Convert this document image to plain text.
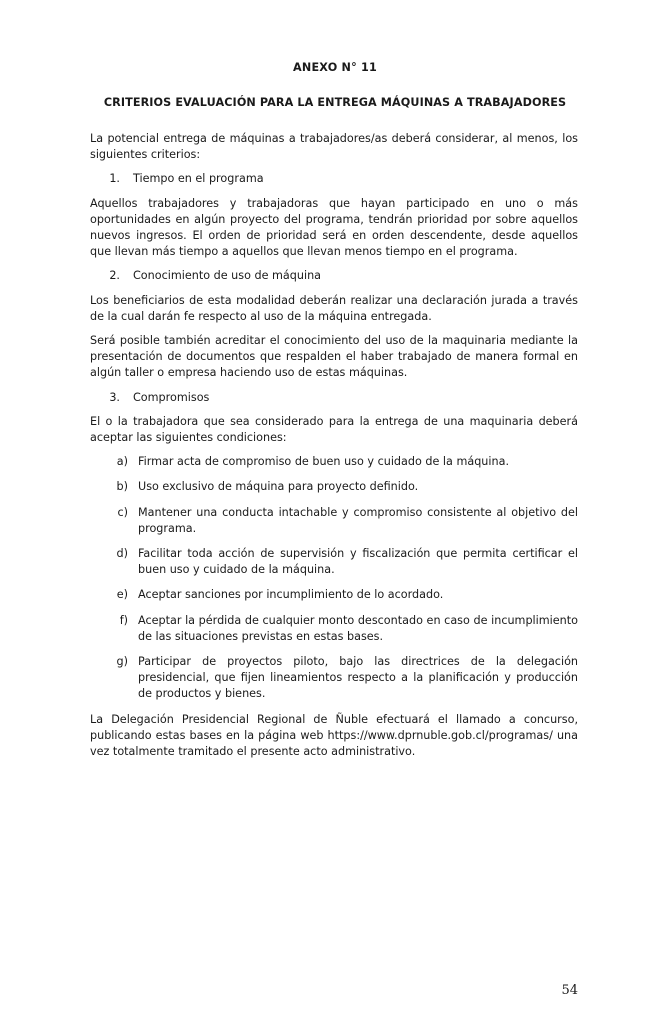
ANEXO N° 11
CRITERIOS EVALUACIÓN PARA LA ENTREGA MÁQUINAS A TRABAJADORES

La potencial entrega de máquinas a trabajadores/as deberá considerar, al menos, los siguientes criterios:

1.	Tiempo en el programa

Aquellos trabajadores y trabajadoras que hayan participado en uno o más oportunidades en algún proyecto del programa, tendrán prioridad por sobre aquellos nuevos ingresos. El orden de prioridad será en orden descendente, desde aquellos que llevan más tiempo a aquellos que llevan menos tiempo en el programa.

2.	Conocimiento de uso de máquina

Los beneficiarios de esta modalidad deberán realizar una declaración jurada a través de la cual darán fe respecto al uso de la máquina entregada.

Será posible también acreditar el conocimiento del uso de la maquinaria mediante la presentación de documentos que respalden el haber trabajado de manera formal en algún taller o empresa haciendo uso de estas máquinas.

3.	Compromisos

El o la trabajadora que sea considerado para la entrega de una maquinaria deberá aceptar las siguientes condiciones:

a) Firmar acta de compromiso de buen uso y cuidado de la máquina.
b) Uso exclusivo de máquina para proyecto definido.
c) Mantener una conducta intachable y compromiso consistente al objetivo del programa.
d) Facilitar toda acción de supervisión y fiscalización que permita certificar el buen uso y cuidado de la máquina.
e) Aceptar sanciones por incumplimiento de lo acordado.
f) Aceptar la pérdida de cualquier monto descontado en caso de incumplimiento de las situaciones previstas en estas bases.
g) Participar de proyectos piloto, bajo las directrices de la delegación presidencial, que fijen lineamientos respecto a la planificación y producción de productos y bienes.

La Delegación Presidencial Regional de Ñuble efectuará el llamado a concurso, publicando estas bases en la página web https://www.dprnuble.gob.cl/programas/ una vez totalmente tramitado el presente acto administrativo.

54
